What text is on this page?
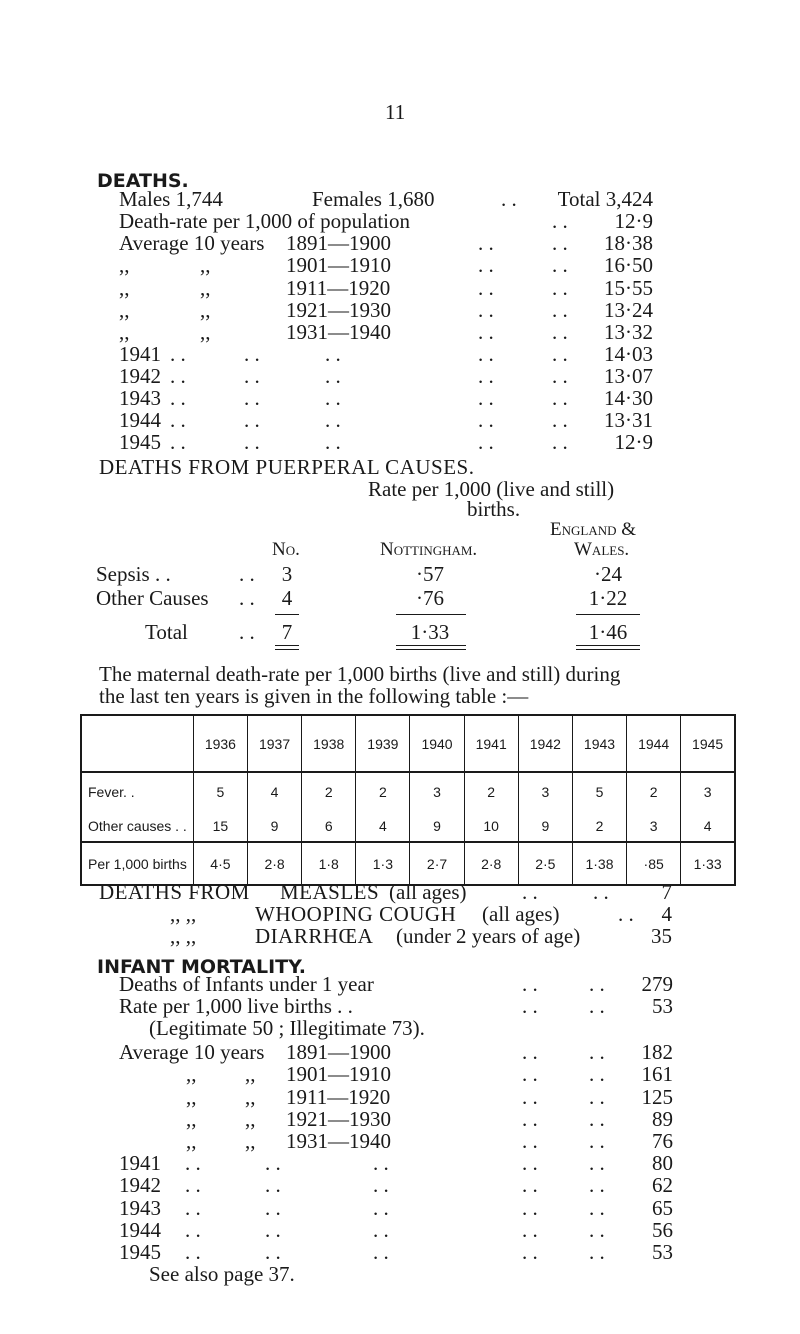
11
DEATHS.
Males 1,744	Females 1,680	. .	Total 3,424
Death-rate per 1,000 of population	. .	12·9
Average 10 years 1891—1900	. .	. .	18·38
,,	,,	1901—1910	. .	. .	16·50
,,	,,	1911—1920	. .	. .	15·55
,,	,,	1921—1930	. .	. .	13·24
,,	,,	1931—1940	. .	. .	13·32
1941 . .	. .	. .	. .	. .	14·03
1942 . .	. .	. .	. .	. .	13·07
1943 . .	. .	. .	. .	. .	14·30
1944 . .	. .	. .	. .	. .	13·31
1945 . .	. .	. .	. .	. .	12·9
DEATHS FROM PUERPERAL CAUSES.
Rate per 1,000 (live and still)
births.
England &
No.	Nottingham.	Wales.
Sepsis . .	. .	3	·57	·24
Other Causes . .	4	·76	1·22
Total . .	7	1·33	1·46
The maternal death-rate per 1,000 births (live and still) during
the last ten years is given in the following table :—
	1936	1937	1938	1939	1940	1941	1942	1943	1944	1945
Fever. .	5	4	2	2	3	2	3	5	2	3
Other causes . .	15	9	6	4	9	10	9	2	3	4
Per 1,000 births	4·5	2·8	1·8	1·3	2·7	2·8	2·5	1·38	·85	1·33
DEATHS FROM MEASLES (all ages)	. .	. .	7
,, ,,	WHOOPING COUGH (all ages)	. .	4
,, ,,	DIARRHŒA (under 2 years of age)	35
INFANT MORTALITY.
Deaths of Infants under 1 year	. . . .	279
Rate per 1,000 live births . .	. . . .	53
(Legitimate 50 ; Illegitimate 73).
Average 10 years 1891—1900	. . . .	182
,, ,, 1901—1910	. . . .	161
,, ,, 1911—1920	. . . .	125
,, ,, 1921—1930	. . . .	89
,, ,, 1931—1940	. . . .	76
1941 . .	. .	. .	. . . .	80
1942 . .	. .	. .	. . . .	62
1943 . .	. .	. .	. . . .	65
1944 . .	. .	. .	. . . .	56
1945 . .	. .	. .	. . . .	53
See also page 37.
